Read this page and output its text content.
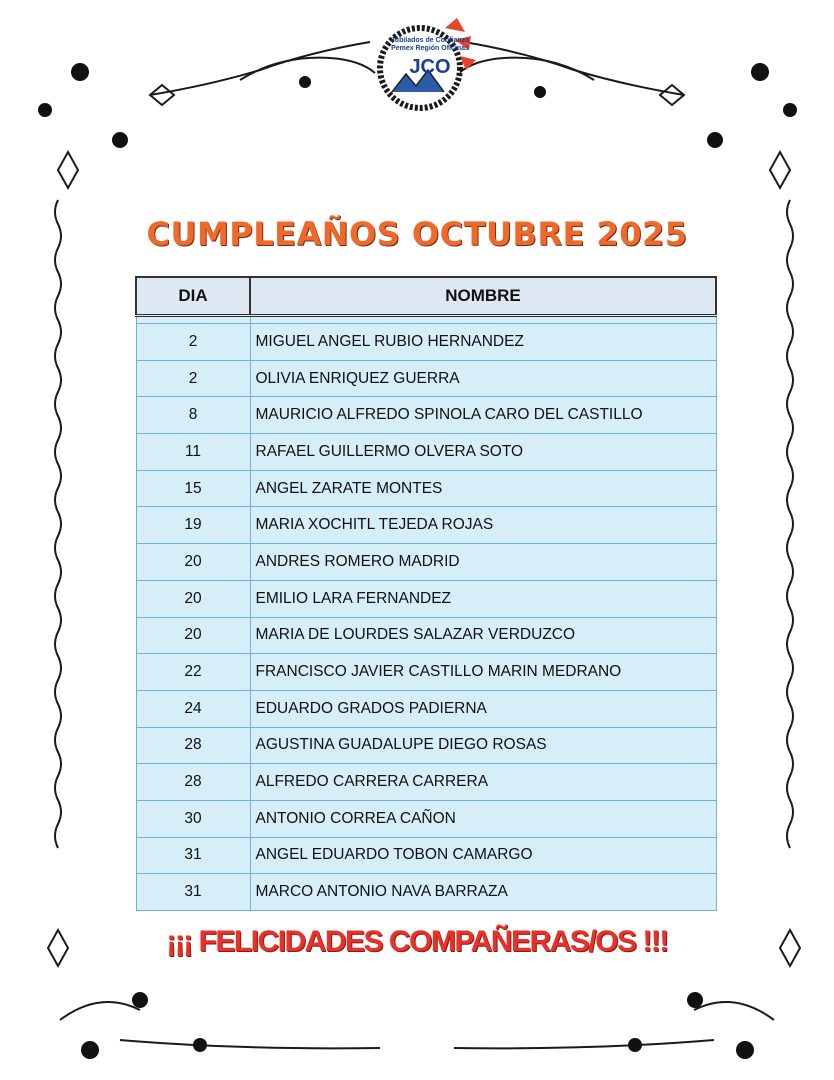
Jubilados de Confianza
Pemex Región Oficinas
JCO
CUMPLEAÑOS OCTUBRE 2025
DIA	NOMBRE

2	MIGUEL ANGEL RUBIO HERNANDEZ
2	OLIVIA ENRIQUEZ GUERRA
8	MAURICIO ALFREDO SPINOLA CARO DEL CASTILLO
11	RAFAEL GUILLERMO OLVERA SOTO
15	ANGEL ZARATE MONTES
19	MARIA XOCHITL TEJEDA ROJAS
20	ANDRES ROMERO MADRID
20	EMILIO LARA FERNANDEZ
20	MARIA DE LOURDES SALAZAR VERDUZCO
22	FRANCISCO JAVIER CASTILLO MARIN MEDRANO
24	EDUARDO GRADOS PADIERNA
28	AGUSTINA GUADALUPE DIEGO ROSAS
28	ALFREDO CARRERA CARRERA
30	ANTONIO CORREA CAÑON
31	ANGEL EDUARDO TOBON CAMARGO
31	MARCO ANTONIO NAVA BARRAZA
¡¡¡ FELICIDADES COMPAÑERAS/OS !!!
